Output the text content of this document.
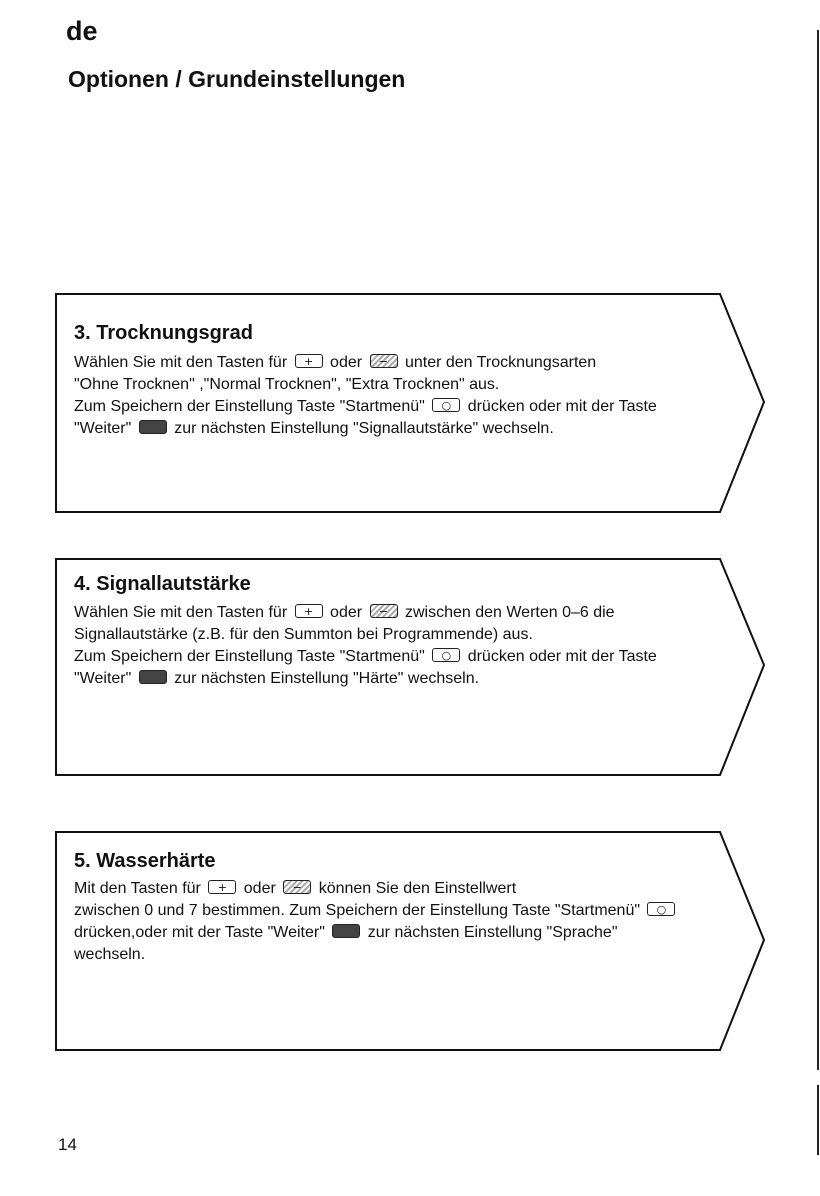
de
Optionen / Grundeinstellungen
3. Trocknungsgrad

Wählen Sie mit den Tasten für + oder − unter den Trocknungsarten
"Ohne Trocknen" ,"Normal Trocknen", "Extra Trocknen" aus.
Zum Speichern der Einstellung Taste "Startmenü" ○ drücken oder mit der Taste
"Weiter"  zur nächsten Einstellung "Signallautstärke" wechseln.

4. Signallautstärke

Wählen Sie mit den Tasten für + oder − zwischen den Werten 0–6 die
Signallautstärke (z.B. für den Summton bei Programmende) aus.
Zum Speichern der Einstellung Taste "Startmenü" ○ drücken oder mit der Taste
"Weiter"  zur nächsten Einstellung "Härte" wechseln.

5. Wasserhärte

Mit den Tasten für + oder − können Sie den Einstellwert
zwischen 0 und 7 bestimmen. Zum Speichern der Einstellung Taste "Startmenü" ○
drücken,oder mit der Taste "Weiter"  zur nächsten Einstellung "Sprache"
wechseln.

14
